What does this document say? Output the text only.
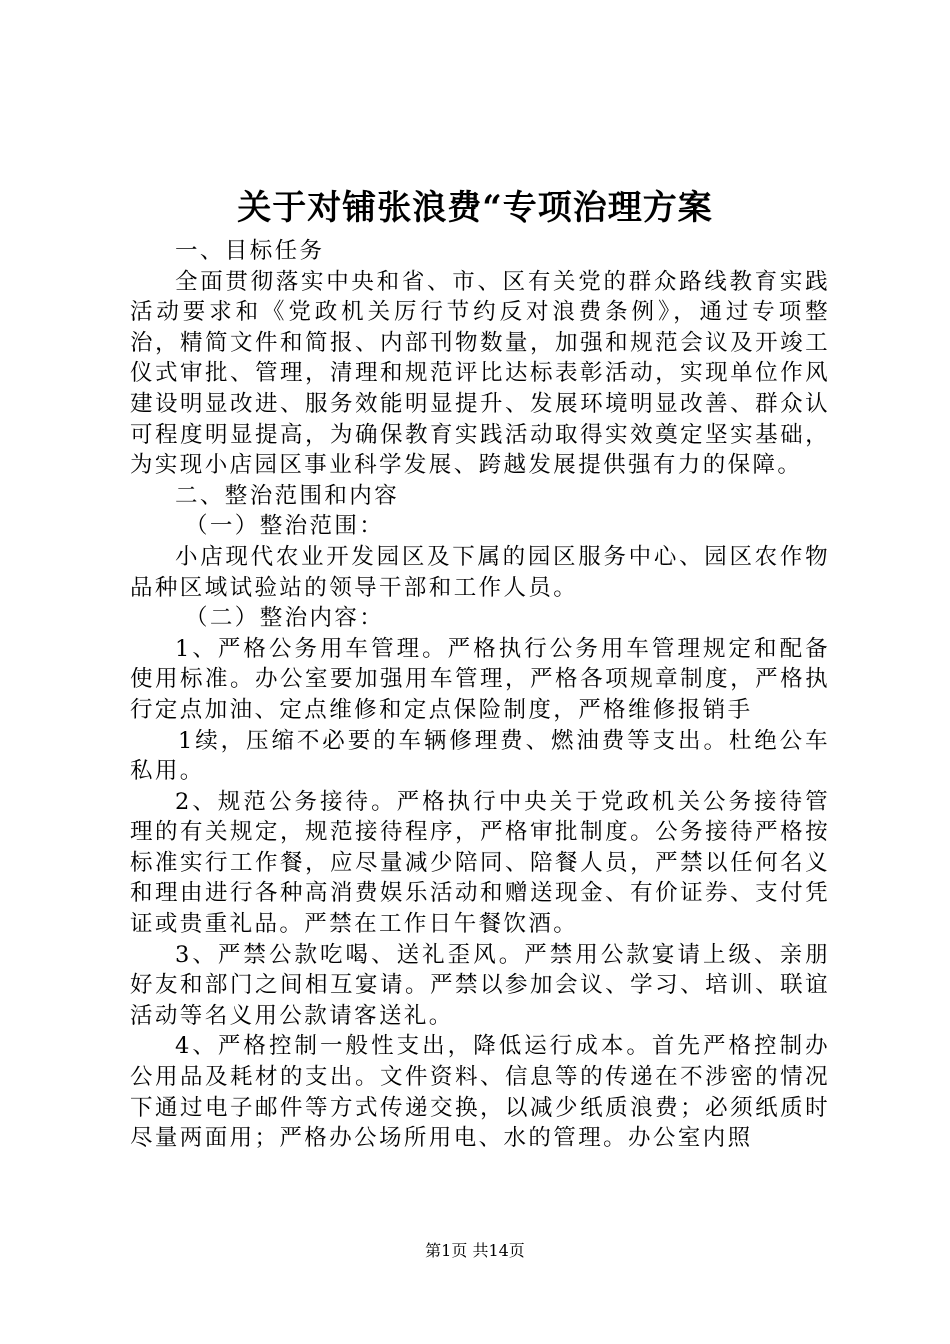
关于对铺张浪费“专项治理方案

一、目标任务

全面贯彻落实中央和省、市、区有关党的群众路线教育实践活动要求和《党政机关厉行节约反对浪费条例》，通过专项整治，精简文件和简报、内部刊物数量，加强和规范会议及开竣工仪式审批、管理，清理和规范评比达标表彰活动，实现单位作风建设明显改进、服务效能明显提升、发展环境明显改善、群众认可程度明显提高，为确保教育实践活动取得实效奠定坚实基础，为实现小店园区事业科学发展、跨越发展提供强有力的保障。

二、整治范围和内容

（一）整治范围：

小店现代农业开发园区及下属的园区服务中心、园区农作物品种区域试验站的领导干部和工作人员。

（二）整治内容：

1、严格公务用车管理。严格执行公务用车管理规定和配备使用标准。办公室要加强用车管理，严格各项规章制度，严格执行定点加油、定点维修和定点保险制度，严格维修报销手

1续，压缩不必要的车辆修理费、燃油费等支出。杜绝公车私用。

2、规范公务接待。严格执行中央关于党政机关公务接待管理的有关规定，规范接待程序，严格审批制度。公务接待严格按标准实行工作餐，应尽量减少陪同、陪餐人员，严禁以任何名义和理由进行各种高消费娱乐活动和赠送现金、有价证券、支付凭证或贵重礼品。严禁在工作日午餐饮酒。

3、严禁公款吃喝、送礼歪风。严禁用公款宴请上级、亲朋好友和部门之间相互宴请。严禁以参加会议、学习、培训、联谊活动等名义用公款请客送礼。

4、严格控制一般性支出，降低运行成本。首先严格控制办公用品及耗材的支出。文件资料、信息等的传递在不涉密的情况下通过电子邮件等方式传递交换，以减少纸质浪费；必须纸质时尽量两面用；严格办公场所用电、水的管理。办公室内照

第1页 共14页
